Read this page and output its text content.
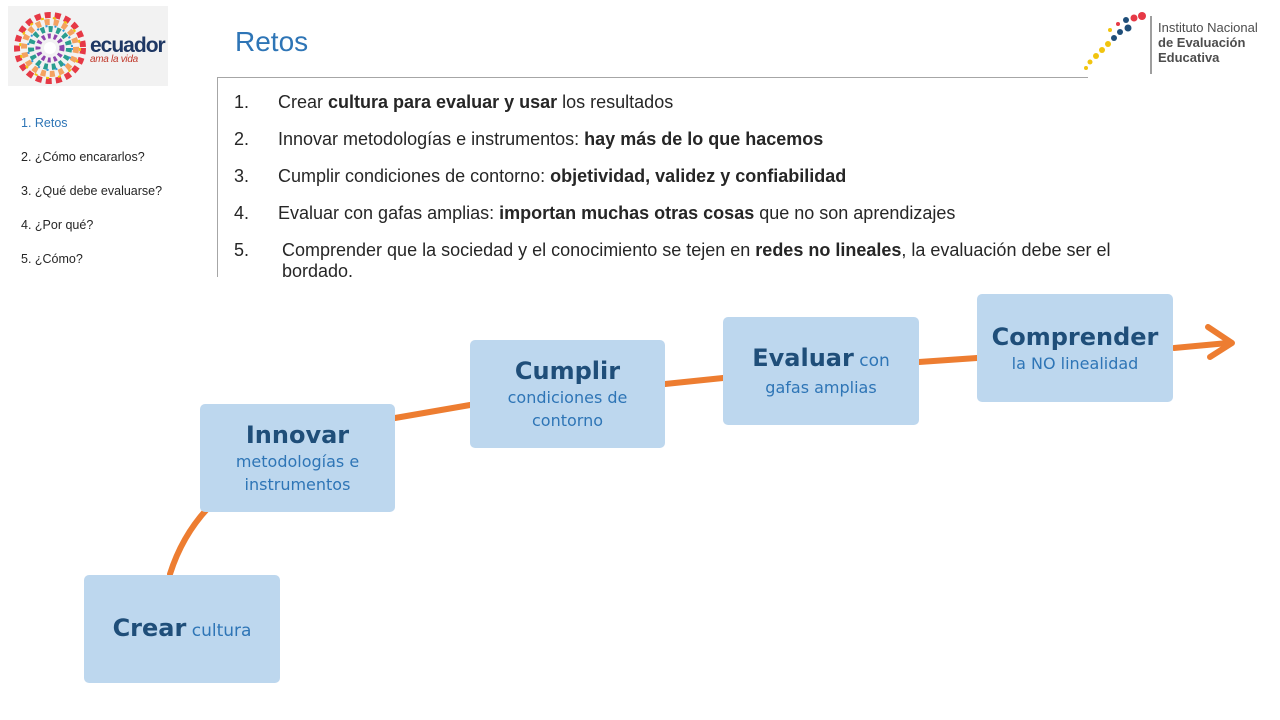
ecuador
ama la vida
Retos	Instituto Nacional
de Evaluación
Educativa
1. Retos
2. ¿Cómo encararlos?
3. ¿Qué debe evaluarse?
4. ¿Por qué?
5. ¿Cómo?
1. Crear cultura para evaluar y usar los resultados
2. Innovar metodologías e instrumentos: hay más de lo que hacemos
3. Cumplir condiciones de contorno: objetividad, validez y confiabilidad
4. Evaluar con gafas amplias: importan muchas otras cosas que no son aprendizajes
5. Comprender que la sociedad y el conocimiento se tejen en redes no lineales, la evaluación debe ser el bordado.
Crear cultura
Innovar
metodologías e
instrumentos
Cumplir
condiciones de
contorno
Evaluar con
gafas amplias
Comprender
la NO linealidad
